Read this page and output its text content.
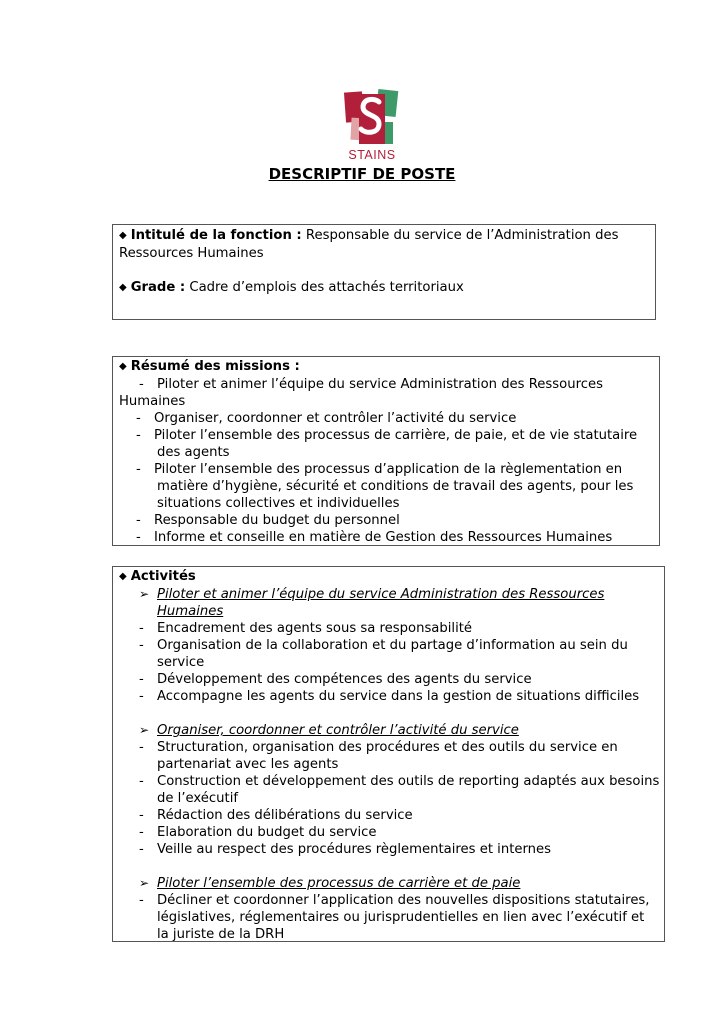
STAINS
DESCRIPTIF DE POSTE
◆ Intitulé de la fonction : Responsable du service de l’Administration des
Ressources Humaines
◆ Grade : Cadre d’emplois des attachés territoriaux
◆ Résumé des missions :
- Piloter et animer l’équipe du service Administration des Ressources
Humaines
- Organiser, coordonner et contrôler l’activité du service
- Piloter l’ensemble des processus de carrière, de paie, et de vie statutaire
des agents
- Piloter l’ensemble des processus d’application de la règlementation en
matière d’hygiène, sécurité et conditions de travail des agents, pour les
situations collectives et individuelles
- Responsable du budget du personnel
- Informe et conseille en matière de Gestion des Ressources Humaines
◆ Activités
➢ Piloter et animer l’équipe du service Administration des Ressources
Humaines
- Encadrement des agents sous sa responsabilité
- Organisation de la collaboration et du partage d’information au sein du
service
- Développement des compétences des agents du service
- Accompagne les agents du service dans la gestion de situations difficiles
➢ Organiser, coordonner et contrôler l’activité du service
- Structuration, organisation des procédures et des outils du service en
partenariat avec les agents
- Construction et développement des outils de reporting adaptés aux besoins
de l’exécutif
- Rédaction des délibérations du service
- Elaboration du budget du service
- Veille au respect des procédures règlementaires et internes
➢ Piloter l’ensemble des processus de carrière et de paie
- Décliner et coordonner l’application des nouvelles dispositions statutaires,
législatives, réglementaires ou jurisprudentielles en lien avec l’exécutif et
la juriste de la DRH
